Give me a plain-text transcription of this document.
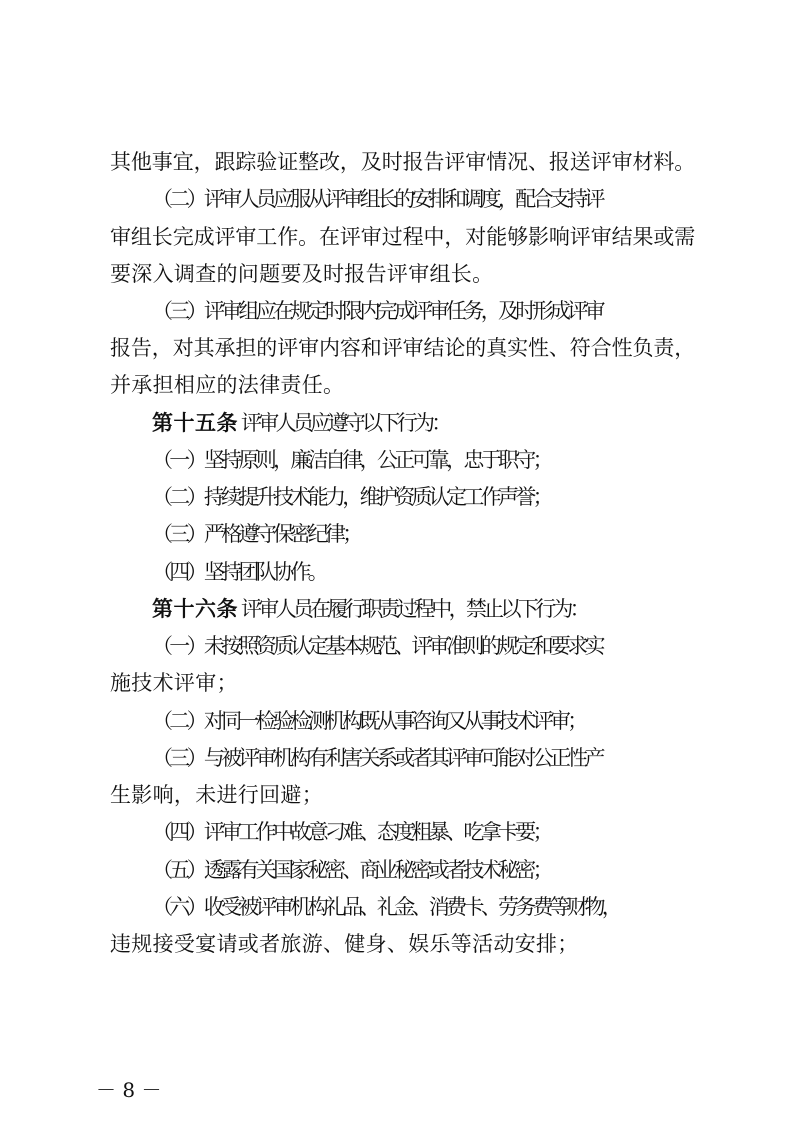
其他事宜，跟踪验证整改，及时报告评审情况、报送评审材料。
（二）评审人员应服从评审组长的安排和调度，配合支持评
审组长完成评审工作。在评审过程中，对能够影响评审结果或需
要深入调查的问题要及时报告评审组长。
（三）评审组应在规定时限内完成评审任务，及时形成评审
报告，对其承担的评审内容和评审结论的真实性、符合性负责，
并承担相应的法律责任。
第十五条 评审人员应遵守以下行为：
（一）坚持原则，廉洁自律，公正可靠，忠于职守；
（二）持续提升技术能力，维护资质认定工作声誉；
（三）严格遵守保密纪律；
（四）坚持团队协作。
第十六条 评审人员在履行职责过程中，禁止以下行为：
（一）未按照资质认定基本规范、评审准则的规定和要求实
施技术评审；
（二）对同一检验检测机构既从事咨询又从事技术评审；
（三）与被评审机构有利害关系或者其评审可能对公正性产
生影响，未进行回避；
（四）评审工作中故意刁难、态度粗暴、吃拿卡要；
（五）透露有关国家秘密、商业秘密或者技术秘密；
（六）收受被评审机构礼品、礼金、消费卡、劳务费等财物，
违规接受宴请或者旅游、健身、娱乐等活动安排；
－ 8 －
